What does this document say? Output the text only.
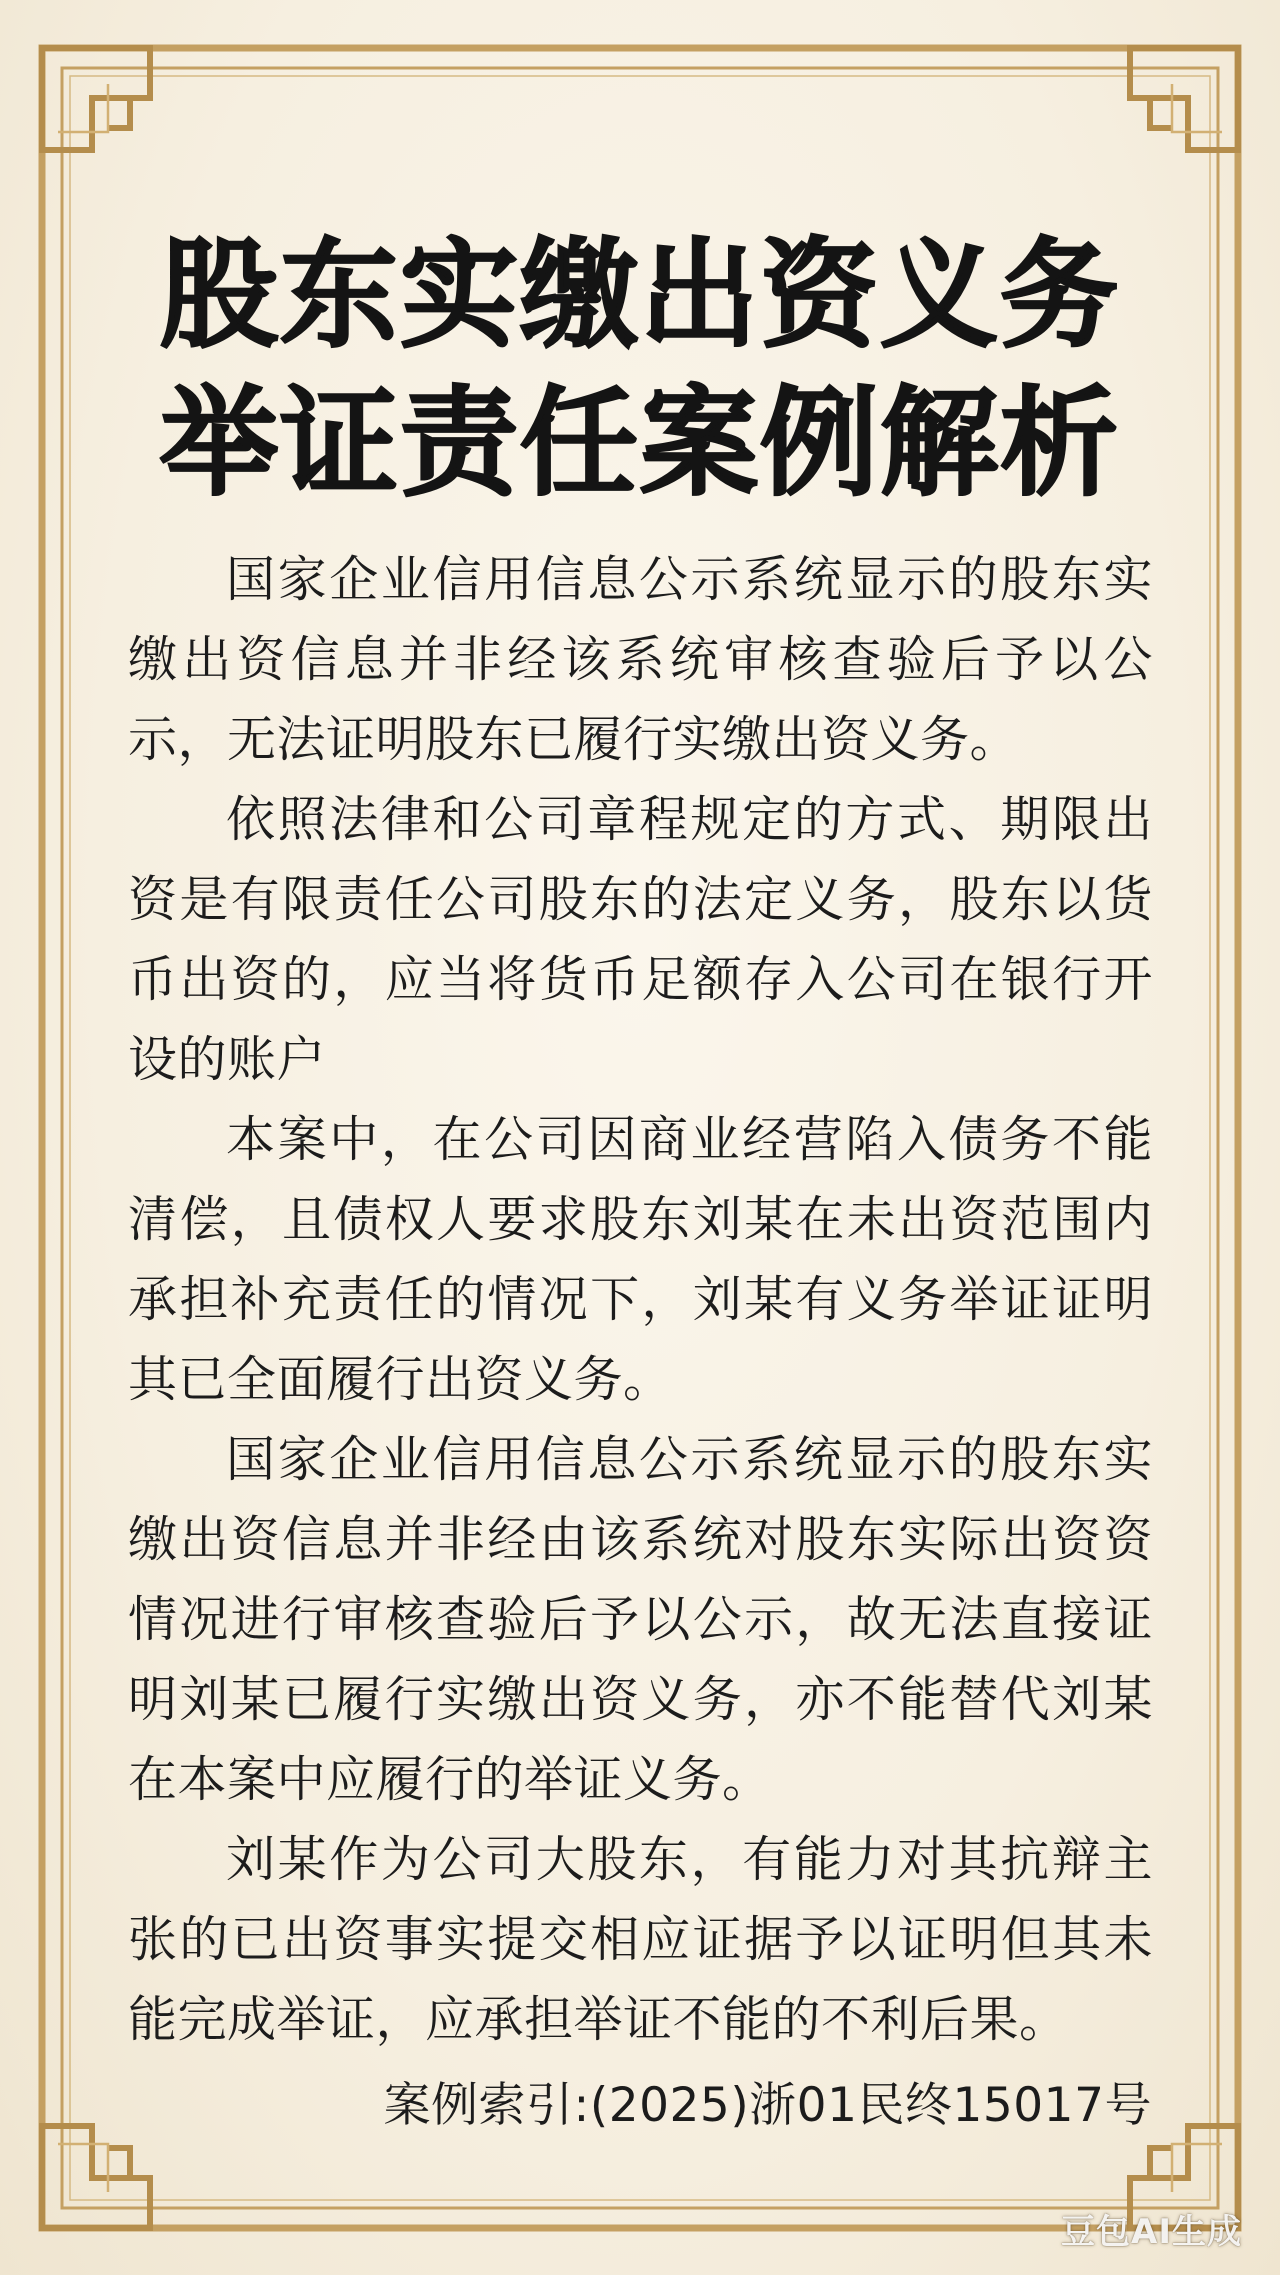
股东实缴出资义务
举证责任案例解析

国家企业信用信息公示系统显示的股东实缴出资信息并非经该系统审核查验后予以公示，无法证明股东已履行实缴出资义务。

依照法律和公司章程规定的方式、期限出资是有限责任公司股东的法定义务，股东以货币出资的，应当将货币足额存入公司在银行开设的账户

本案中，在公司因商业经营陷入债务不能清偿，且债权人要求股东刘某在未出资范围内承担补充责任的情况下，刘某有义务举证证明其已全面履行出资义务。

国家企业信用信息公示系统显示的股东实缴出资信息并非经由该系统对股东实际出资资情况进行审核查验后予以公示，故无法直接证明刘某已履行实缴出资义务，亦不能替代刘某在本案中应履行的举证义务。

刘某作为公司大股东，有能力对其抗辩主张的已出资事实提交相应证据予以证明但其未能完成举证，应承担举证不能的不利后果。

案例索引:(2025)浙01民终15017号
豆包AI生成
